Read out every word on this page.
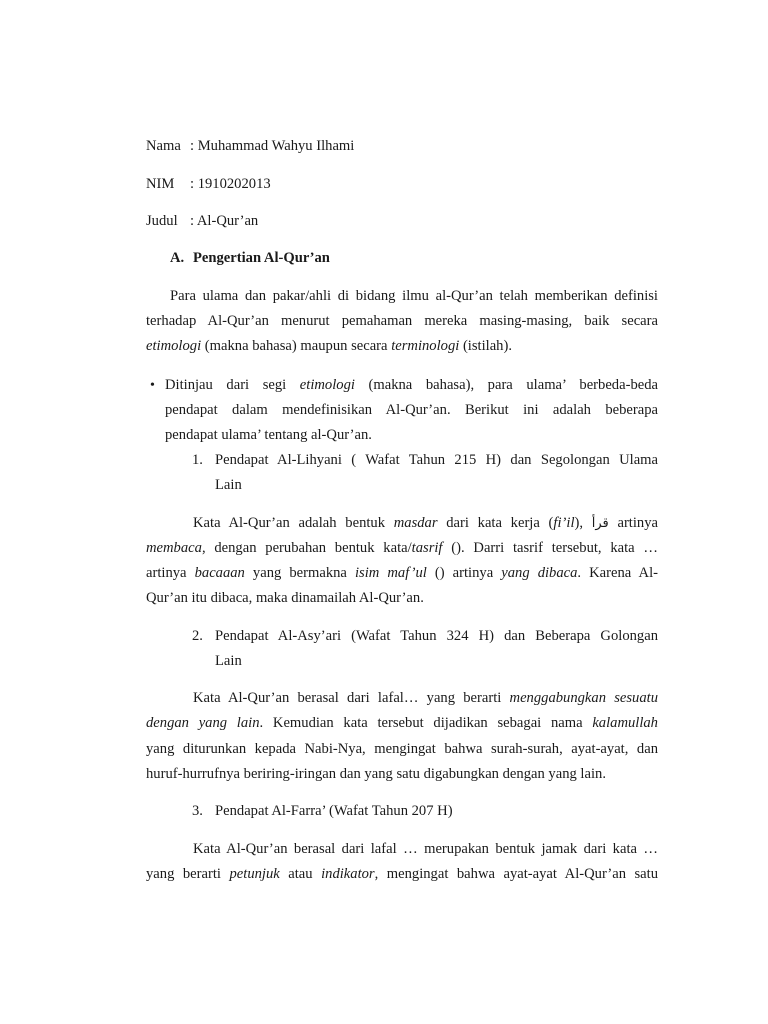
Nama : Muhammad Wahyu Ilhami
NIM : 1910202013
Judul : Al-Qur’an
A. Pengertian Al-Qur’an
Para ulama dan pakar/ahli di bidang ilmu al-Qur’an telah memberikan definisi
terhadap Al-Qur’an menurut pemahaman mereka masing-masing, baik secara
etimologi (makna bahasa) maupun secara terminologi (istilah).
• Ditinjau dari segi etimologi (makna bahasa), para ulama’ berbeda-beda
pendapat dalam mendefinisikan Al-Qur’an. Berikut ini adalah beberapa
pendapat ulama’ tentang al-Qur’an.
1. Pendapat Al-Lihyani ( Wafat Tahun 215 H) dan Segolongan Ulama
Lain
Kata Al-Qur’an adalah bentuk masdar dari kata kerja (fi’il), قرأ artinya
membaca, dengan perubahan bentuk kata/tasrif (). Darri tasrif tersebut, kata …
artinya bacaaan yang bermakna isim maf’ul () artinya yang dibaca. Karena Al-
Qur’an itu dibaca, maka dinamailah Al-Qur’an.
2. Pendapat Al-Asy’ari (Wafat Tahun 324 H) dan Beberapa Golongan
Lain
Kata Al-Qur’an berasal dari lafal… yang berarti menggabungkan sesuatu
dengan yang lain. Kemudian kata tersebut dijadikan sebagai nama kalamullah
yang diturunkan kepada Nabi-Nya, mengingat bahwa surah-surah, ayat-ayat, dan
huruf-hurrufnya beriring-iringan dan yang satu digabungkan dengan yang lain.
3. Pendapat Al-Farra’ (Wafat Tahun 207 H)
Kata Al-Qur’an berasal dari lafal … merupakan bentuk jamak dari kata …
yang berarti petunjuk atau indikator, mengingat bahwa ayat-ayat Al-Qur’an satu
